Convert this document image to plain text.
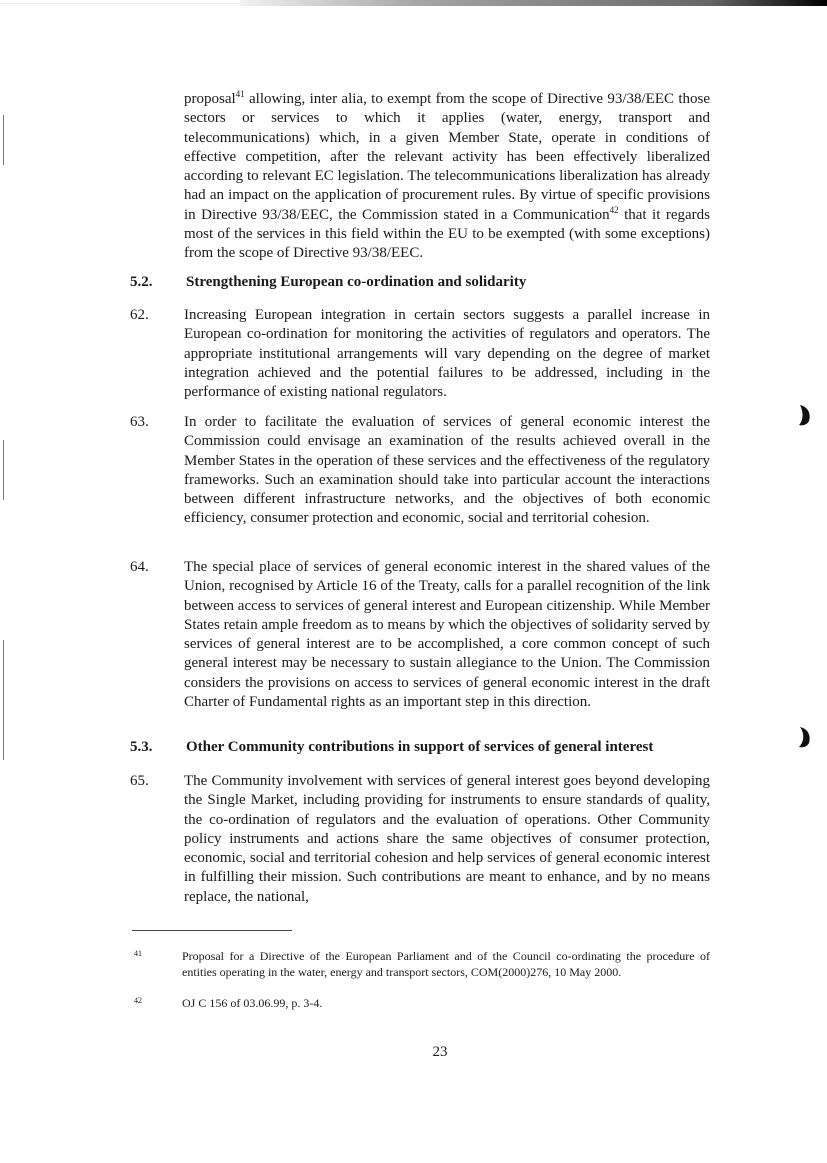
proposal$^{41}$ allowing, inter alia, to exempt from the scope of Directive 93/38/EEC those sectors or services to which it applies (water, energy, transport and telecommunications) which, in a given Member State, operate in conditions of effective competition, after the relevant activity has been effectively liberalized according to relevant EC legislation. The telecommunications liberalization has already had an impact on the application of procurement rules. By virtue of specific provisions in Directive 93/38/EEC, the Commission stated in a Communication$^{42}$ that it regards most of the services in this field within the EU to be exempted (with some exceptions) from the scope of Directive 93/38/EEC.
5.2. Strengthening European co-ordination and solidarity
62. Increasing European integration in certain sectors suggests a parallel increase in European co-ordination for monitoring the activities of regulators and operators. The appropriate institutional arrangements will vary depending on the degree of market integration achieved and the potential failures to be addressed, including in the performance of existing national regulators.
63. In order to facilitate the evaluation of services of general economic interest the Commission could envisage an examination of the results achieved overall in the Member States in the operation of these services and the effectiveness of the regulatory frameworks. Such an examination should take into particular account the interactions between different infrastructure networks, and the objectives of both economic efficiency, consumer protection and economic, social and territorial cohesion.
64. The special place of services of general economic interest in the shared values of the Union, recognised by Article 16 of the Treaty, calls for a parallel recognition of the link between access to services of general interest and European citizenship. While Member States retain ample freedom as to means by which the objectives of solidarity served by services of general interest are to be accomplished, a core common concept of such general interest may be necessary to sustain allegiance to the Union. The Commission considers the provisions on access to services of general economic interest in the draft Charter of Fundamental rights as an important step in this direction.
5.3. Other Community contributions in support of services of general interest
65. The Community involvement with services of general interest goes beyond developing the Single Market, including providing for instruments to ensure standards of quality, the co-ordination of regulators and the evaluation of operations. Other Community policy instruments and actions share the same objectives of consumer protection, economic, social and territorial cohesion and help services of general economic interest in fulfilling their mission. Such contributions are meant to enhance, and by no means replace, the national,
41	Proposal for a Directive of the European Parliament and of the Council co-ordinating the procedure of entities operating in the water, energy and transport sectors, COM(2000)276, 10 May 2000.
42	OJ C 156 of 03.06.99, p. 3-4.
23
